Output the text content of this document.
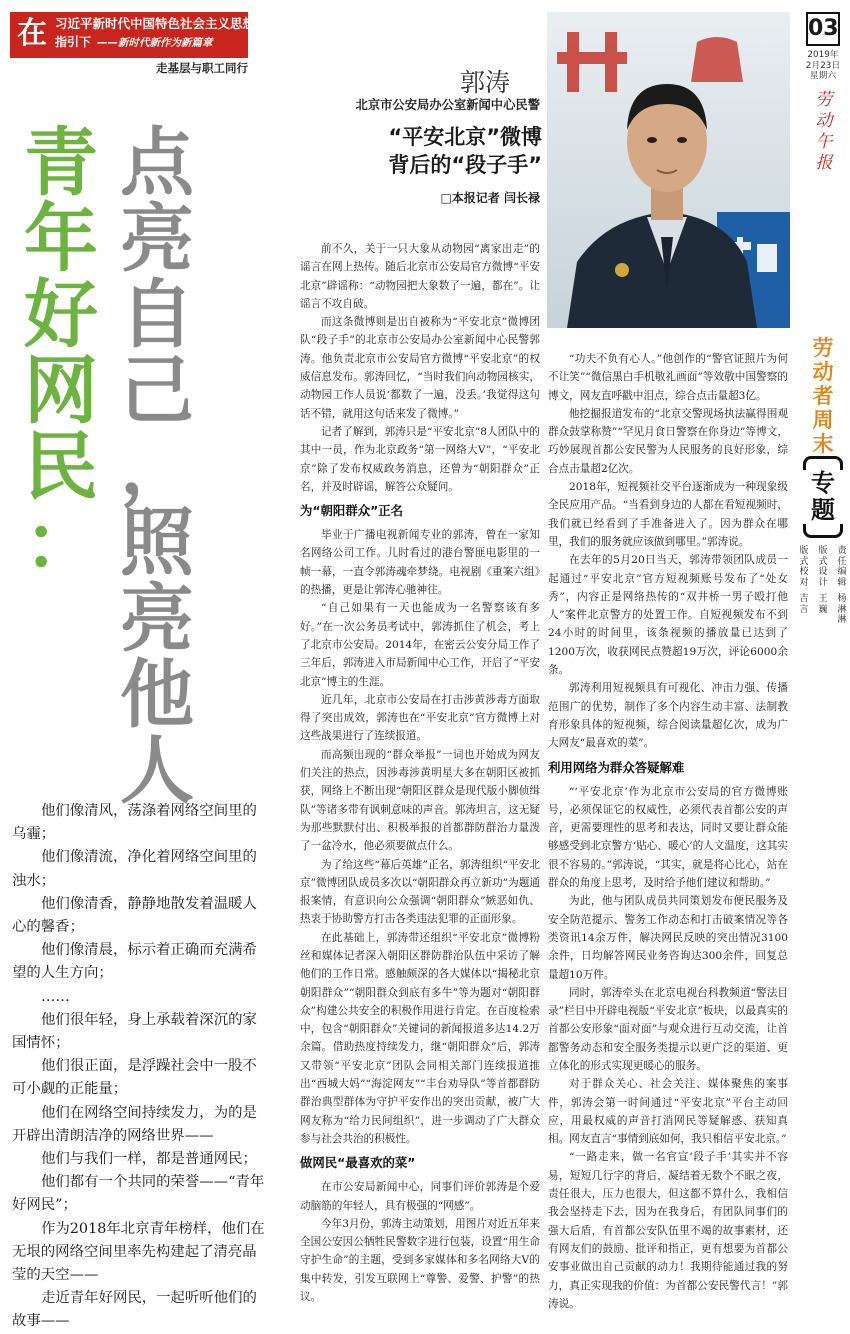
在 习近平新时代中国特色社会主义思想
指引下 ——新时代新作为新篇章
走基层与职工同行
青
年
好
网
民
：
点
亮
自
己
，
照
亮
他
人

他们像清风，荡涤着网络空间里的乌霾；

他们像清流，净化着网络空间里的浊水；

他们像清香，静静地散发着温暖人心的馨香；

他们像清晨，标示着正确而充满希望的人生方向；

……

他们很年轻，身上承载着深沉的家国情怀；

他们很正面，是浮躁社会中一股不可小觑的正能量；

他们在网络空间持续发力，为的是开辟出清朗洁净的网络世界——

他们与我们一样，都是普通网民；

他们都有一个共同的荣誉——“青年好网民”；

作为2018年北京青年榜样，他们在无垠的网络空间里率先构建起了清亮晶莹的天空——

走近青年好网民，一起听听他们的故事——

郭涛
北京市公安局办公室新闻中心民警
“平安北京”微博
背后的“段子手”
□本报记者 闫长禄

前不久，关于一只大象从动物园“离家出走”的谣言在网上热传。随后北京市公安局官方微博“平安北京”辟谣称：“动物园把大象数了一遍，都在”。让谣言不攻自破。

而这条微博则是出自被称为“平安北京”微博团队“段子手”的北京市公安局办公室新闻中心民警郭涛。他负责北京市公安局官方微博“平安北京”的权威信息发布。郭涛回忆，“当时我们向动物园核实，动物园工作人员说‘都数了一遍，没丢。’我觉得这句话不错，就用这句话来发了微博。”

记者了解到，郭涛只是“平安北京”8人团队中的其中一员，作为北京政务“第一网络大V”，“平安北京”除了发布权威政务消息，还曾为“朝阳群众”正名，并及时辟谣，解答公众疑问。

为“朝阳群众”正名

毕业于广播电视新闻专业的郭涛，曾在一家知名网络公司工作。儿时看过的港台警匪电影里的一帧一幕，一直令郭涛魂牵梦绕。电视剧《重案六组》的热播，更是让郭涛心驰神往。

“自己如果有一天也能成为一名警察该有多好。”在一次公务员考试中，郭涛抓住了机会，考上了北京市公安局。2014年，在密云公安分局工作了三年后，郭涛进入市局新闻中心工作，开启了“平安北京”博主的生涯。

近几年，北京市公安局在打击涉黄涉毒方面取得了突出成效，郭涛也在“平安北京”官方微博上对这些战果进行了连续报道。

而高频出现的“群众举报”一词也开始成为网友们关注的热点，因涉毒涉黄明星大多在朝阳区被抓获，网络上不断出现“朝阳区群众是现代版小脚侦缉队”等诸多带有讽刺意味的声音。郭涛坦言，这无疑为那些默默付出、积极举报的首都群防群治力量泼了一盆冷水，他必须要做点什么。

为了给这些“幕后英雄”正名，郭涛组织“平安北京”微博团队成员多次以“朝阳群众再立新功”为题通报案情，有意识向公众强调“朝阳群众”嫉恶如仇、热衷于协助警方打击各类违法犯罪的正面形象。

在此基础上，郭涛带还组织“平安北京”微博粉丝和媒体记者深入朝阳区群防群治队伍中采访了解他们的工作日常。感触颇深的各大媒体以“揭秘北京朝阳群众”“朝阳群众到底有多牛”等为题对“朝阳群众”构建公共安全的积极作用进行肯定。在百度检索中，包含“朝阳群众”关键词的新闻报道多达14.2万余篇。借助热度持续发力，继“朝阳群众”后，郭涛又带领“平安北京”团队会同相关部门连续报道推出“西城大妈”“海淀网友”“丰台劝导队”等首都群防群治典型群体为守护平安作出的突出贡献，被广大网友称为“给力民间组织”，进一步调动了广大群众参与社会共治的积极性。

做网民“最喜欢的菜”

在市公安局新闻中心，同事们评价郭涛是个爱动脑筋的年轻人，具有极强的“网感”。

今年3月份，郭涛主动策划，用图片对近五年来全国公安因公牺牲民警数字进行包装，设置“用生命守护生命”的主题，受到多家媒体和多名网络大V的集中转发，引发互联网上“尊警、爱警、护警”的热议。

“功夫不负有心人。”他创作的“警官证照片为何不让笑”“微信黑白手机敬礼画面”等效敬中国警察的博文，网友直呼戳中泪点，综合点击量超3亿。

他挖掘报道发布的“北京交警现场执法赢得围观群众鼓掌称赞”“罕见月食日警察在你身边”等博文，巧妙展现首都公安民警为人民服务的良好形象，综合点击量超2亿次。

2018年，短视频社交平台逐渐成为一种现象级全民应用产品。“当看到身边的人都在看短视频时，我们就已经看到了手准备进入了。因为群众在哪里，我们的服务就应该做到哪里。”郭涛说。

在去年的5月20日当天，郭涛带领团队成员一起通过“平安北京”官方短视频账号发布了“处女秀”，内容正是网络热传的“双井桥一男子殴打他人”案件北京警方的处置工作。自短视频发布不到24小时的时间里，该条视频的播放量已达到了1200万次，收获网民点赞超19万次，评论6000余条。

郭涛利用短视频具有可视化、冲击力强、传播范围广的优势，制作了多个内容生动丰富、法制教育形象具体的短视频，综合阅读量超亿次，成为广大网友“最喜欢的菜”。

利用网络为群众答疑解难

“‘平安北京’作为北京市公安局的官方微博账号，必须保证它的权威性，必须代表首都公安的声音，更需要理性的思考和表达，同时又要让群众能够感受到北京警方‘贴心、暖心’的人文温度，这其实很不容易的。”郭涛说，“其实，就是将心比心，站在群众的角度上思考，及时给予他们建议和帮助。”

为此，他与团队成员共同策划发布便民服务及安全防范提示、警务工作动态和打击破案情况等各类资讯14余万件，解决网民反映的突出情况3100余件，日均解答网民业务咨询达300余件，回复总量超10万件。

同时，郭涛牵头在北京电视台科教频道“警法目录”栏目中开辟电视版“平安北京”板块，以最真实的首都公安形象“面对面”与观众进行互动交流，让首都警务动态和安全服务类提示以更广泛的渠道、更立体化的形式实现更暖心的服务。

对于群众关心、社会关注、媒体聚焦的案事件，郭涛会第一时间通过“平安北京”平台主动回应，用最权威的声音打消网民等疑解惑、获知真相。网友直言“事情到底如何，我只相信平安北京。”

“一路走来，做一名官宣‘段子手’其实并不容易，短短几行字的背后，凝结着无数个不眠之夜，责任很大，压力也很大，但这都不算什么，我相信我会坚持走下去，因为在我身后，有团队同事们的强大后盾，有首都公安队伍里不竭的故事素材，还有网友们的鼓励、批评和指正，更有想要为首都公安事业做出自己贡献的动力！我期待能通过我的努力，真正实现我的价值：为首都公安民警代言！”郭涛说。

03
2019年
2月23日
星期六
劳
动
午
报
劳
动
者
周
末
专
题
责
任
编
辑
杨
淋
淋
版
式
设
计
王
巍
版
式
校
对
吉
言
